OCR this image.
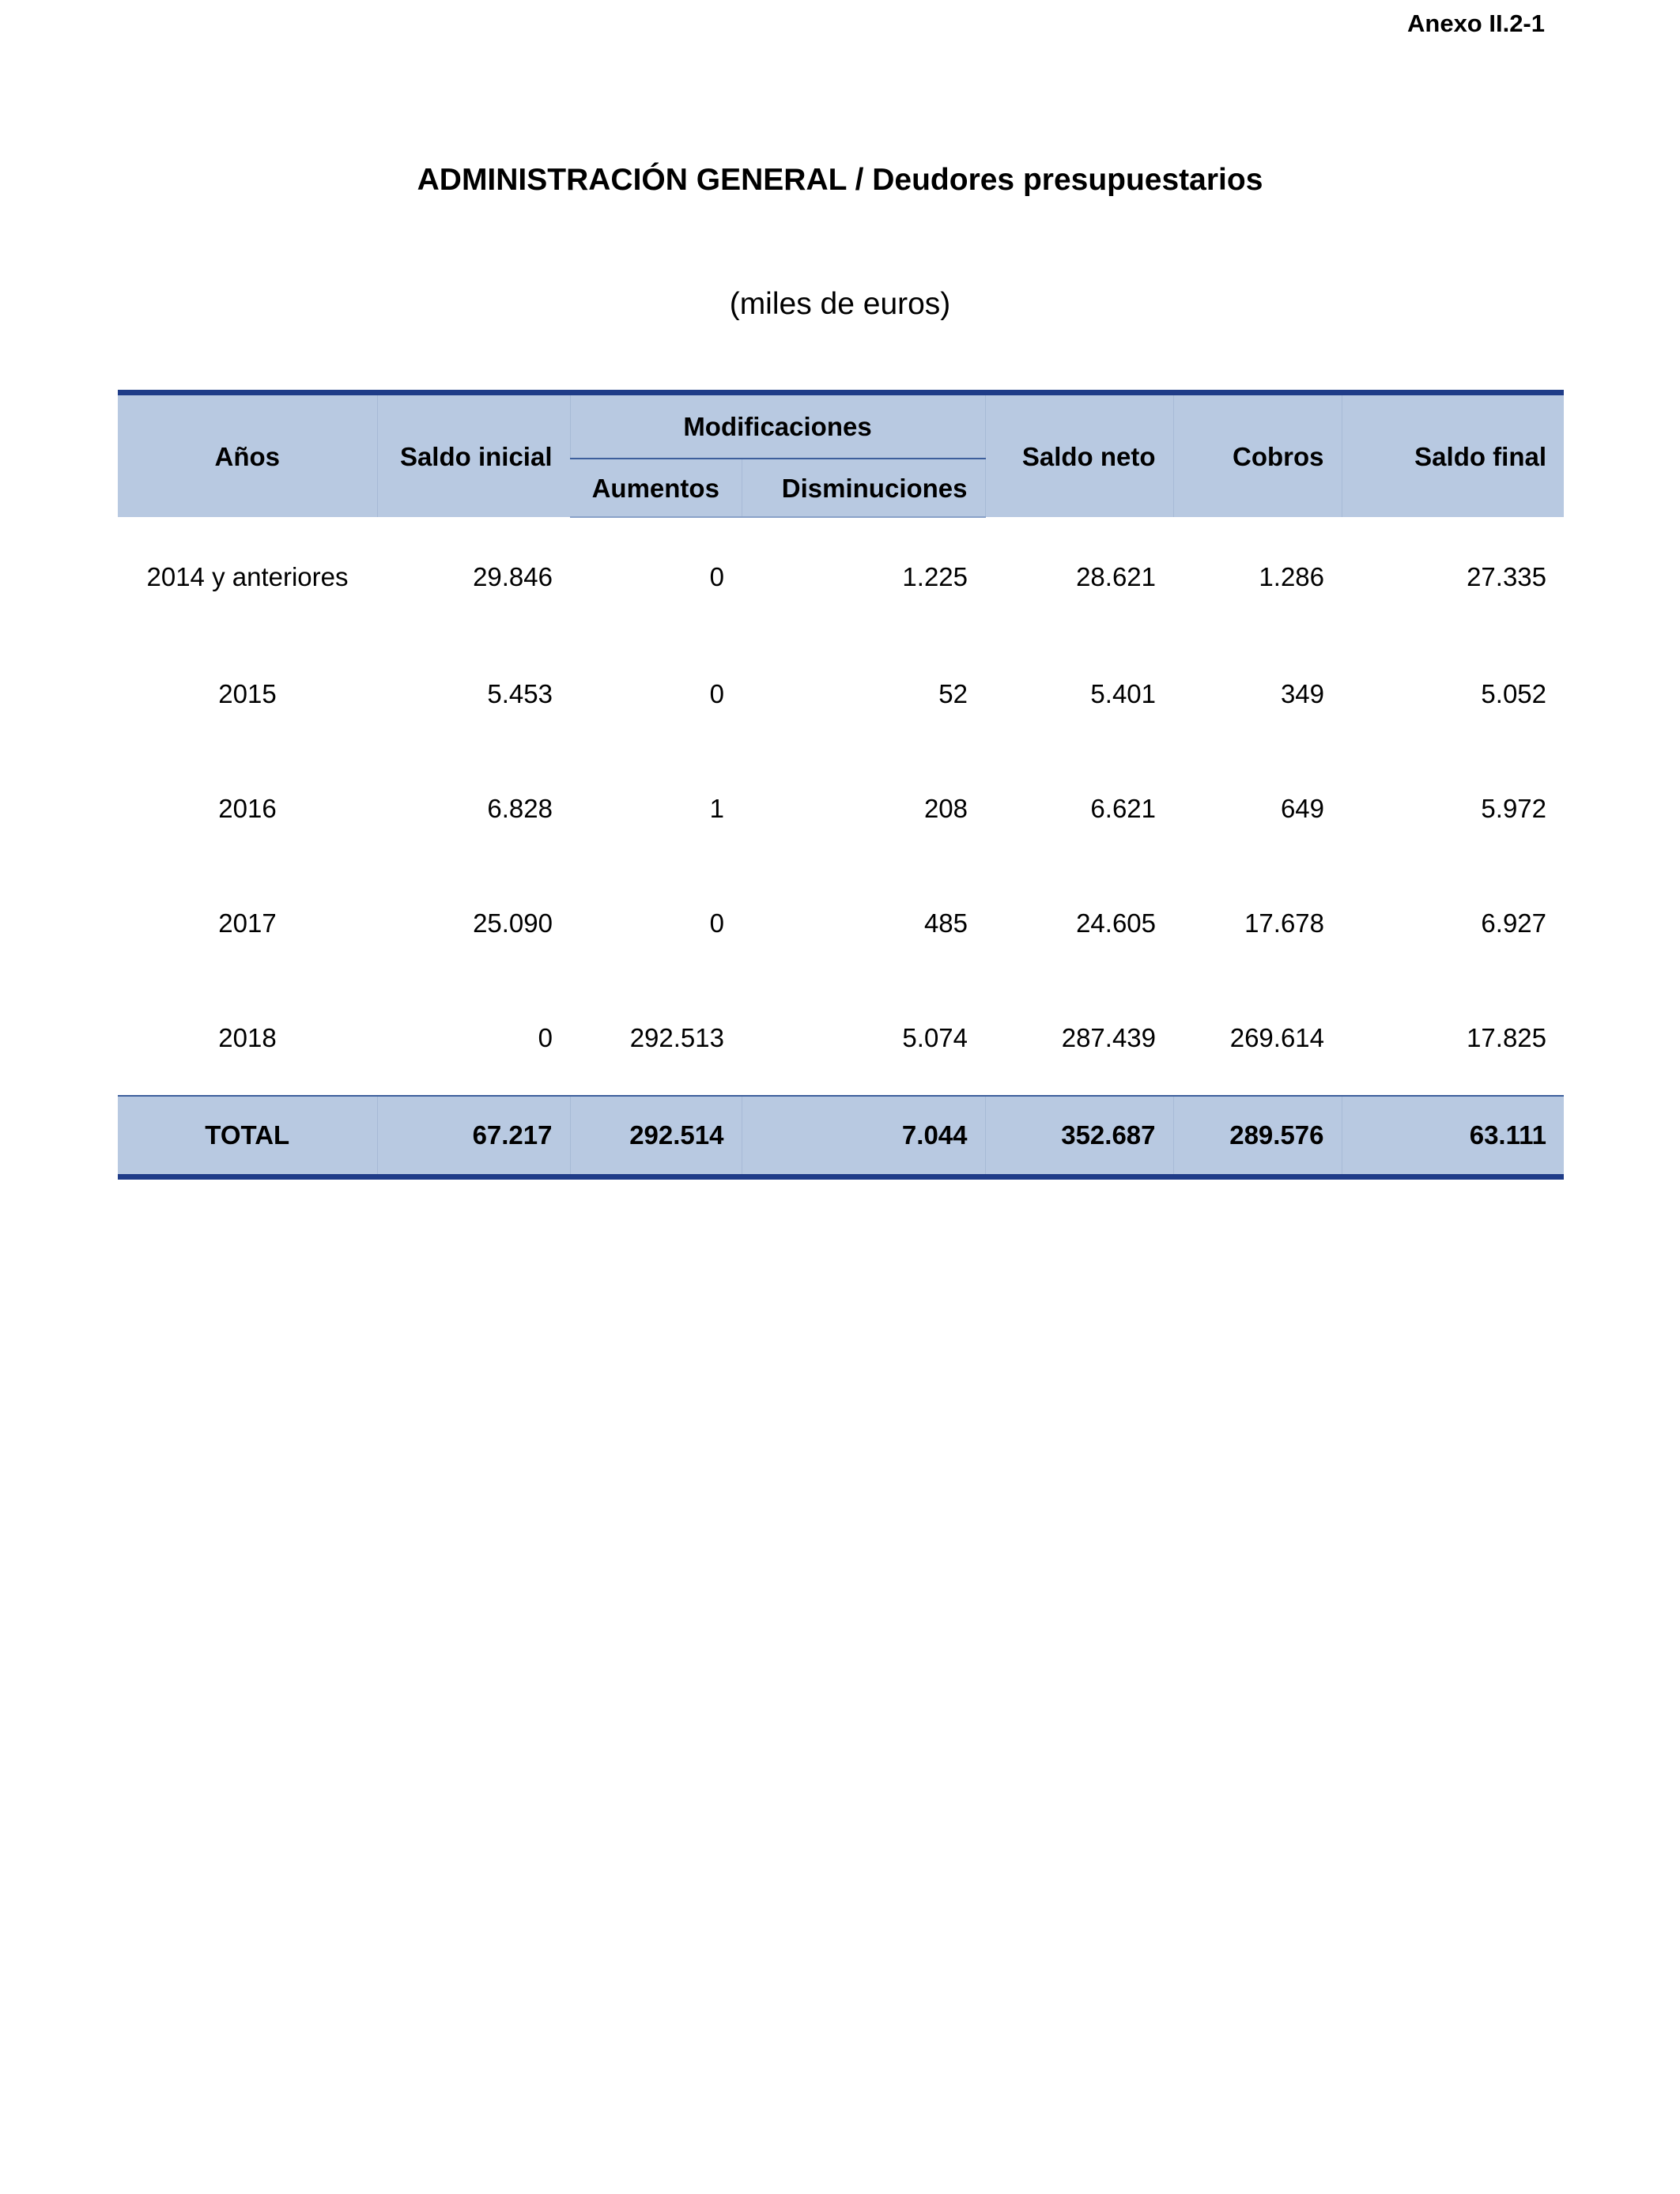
Anexo II.2-1
ADMINISTRACIÓN GENERAL / Deudores presupuestarios
(miles de euros)
Años	Saldo inicial	Modificaciones		Saldo neto	Cobros	Saldo final
		Aumentos	Disminuciones			
2014 y anteriores	29.846	0	1.225	28.621	1.286	27.335
2015	5.453	0	52	5.401	349	5.052
2016	6.828	1	208	6.621	649	5.972
2017	25.090	0	485	24.605	17.678	6.927
2018	0	292.513	5.074	287.439	269.614	17.825
TOTAL	67.217	292.514	7.044	352.687	289.576	63.111
